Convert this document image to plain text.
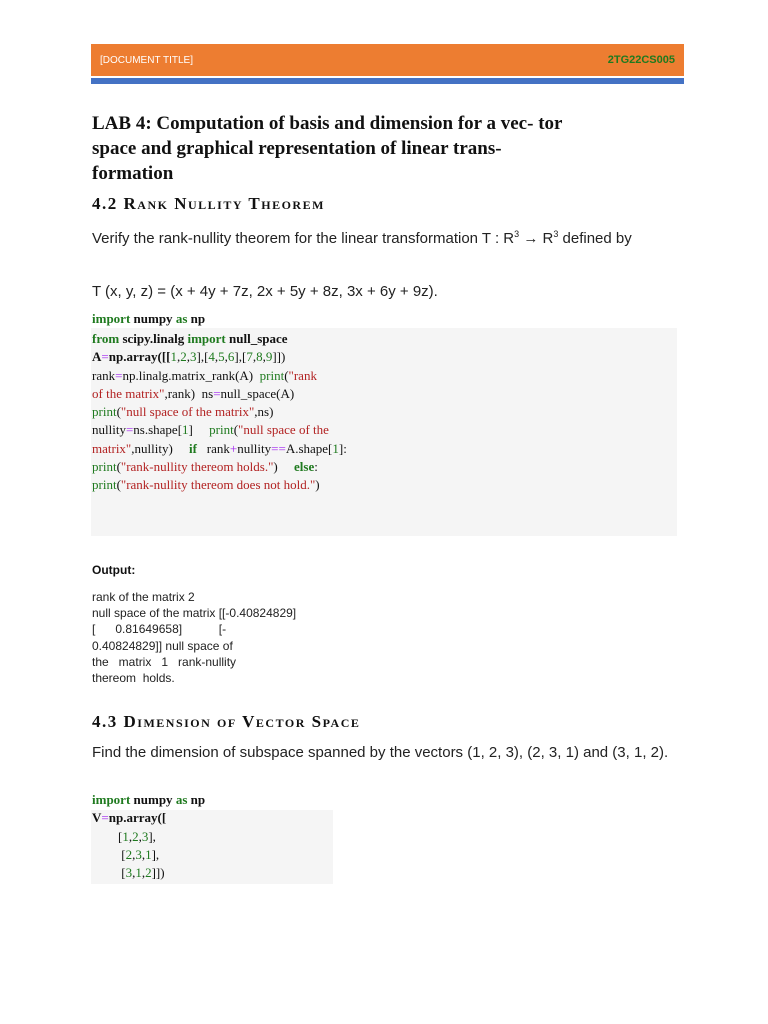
[DOCUMENT TITLE]	2TG22CS005
LAB 4: Computation of basis and dimension for a vec- tor
space and graphical representation of linear trans-
formation
4.2 Rank Nullity Theorem

Verify the rank-nullity theorem for the linear transformation T : $R^3 \to R^3$ defined by

T (x, y, z) = (x + 4y + 7z, 2x + 5y + 8z, 3x + 6y + 9z).

import numpy as np
from scipy.linalg import null_space
A=np.array([[1,2,3],[4,5,6],[7,8,9]])
rank=np.linalg.matrix_rank(A) print("rank
of the matrix",rank) ns=null_space(A)
print("null space of the matrix",ns)
nullity=ns.shape[1]     print("null space of the
matrix",nullity) if rank+nullity==A.shape[1]:
print("rank-nullity thereom holds.")     else:
print("rank-nullity thereom does not hold.")

Output:

rank of the matrix 2
null space of the matrix [[-0.40824829]
[      0.81649658]           [-
0.40824829]] null space of
the   matrix   1   rank-nullity
thereom  holds.
4.3 Dimension of Vector Space

Find the dimension of subspace spanned by the vectors (1, 2, 3), (2, 3, 1) and (3, 1, 2).

import numpy as np
V=np.array([
[1,2,3],
[2,3,1],
[3,1,2]])
